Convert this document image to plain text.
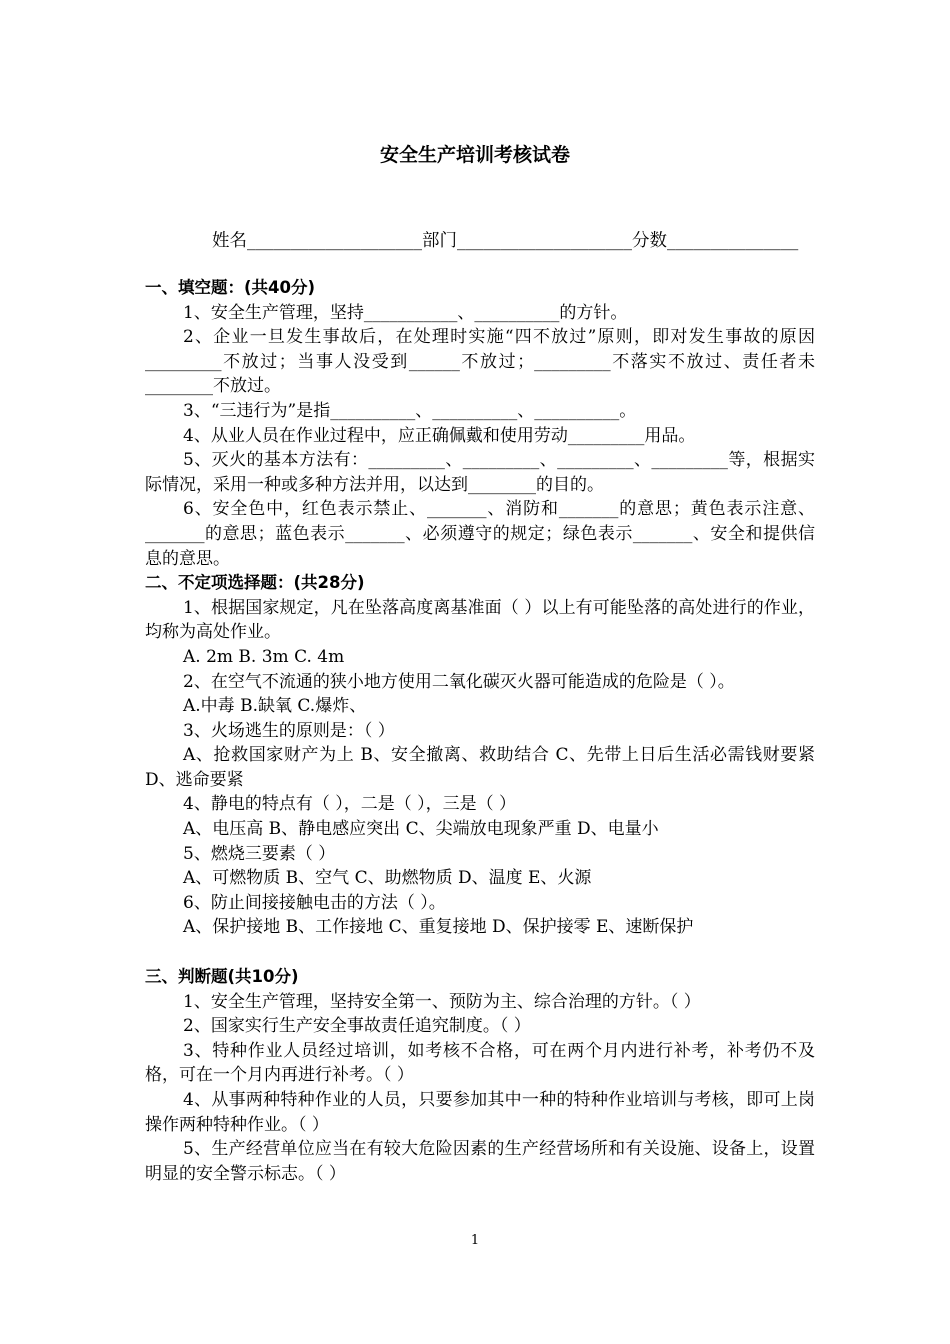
安全生产培训考核试卷
姓名____________________部门____________________分数_______________

一、填空题：(共40分)

1、安全生产管理，坚持___________、__________的方针。

2、企业一旦发生事故后，在处理时实施“四不放过”原则，即对发生事故的原因_________不放过；当事人没受到______不放过；_________不落实不放过、责任者未________不放过。

3、“三违行为”是指__________、__________、__________。

4、从业人员在作业过程中，应正确佩戴和使用劳动_________用品。

5、灭火的基本方法有：_________、_________、_________、_________等，根据实际情况，采用一种或多种方法并用，以达到________的目的。

6、安全色中，红色表示禁止、_______、消防和_______的意思；黄色表示注意、_______的意思；蓝色表示_______、必须遵守的规定；绿色表示_______、安全和提供信息的意思。

二、不定项选择题：(共28分)

1、根据国家规定，凡在坠落高度离基准面（ ）以上有可能坠落的高处进行的作业，均称为高处作业。

A. 2m B. 3m C. 4m

2、在空气不流通的狭小地方使用二氧化碳灭火器可能造成的危险是（ ）。

A.中毒 B.缺氧 C.爆炸、

3、火场逃生的原则是：（ ）

A、抢救国家财产为上 B、安全撤离、救助结合 C、先带上日后生活必需钱财要紧 D、逃命要紧

4、静电的特点有（ ），二是（ ），三是（ ）

A、电压高 B、静电感应突出 C、尖端放电现象严重 D、电量小

5、燃烧三要素（ ）

A、可燃物质 B、空气 C、助燃物质 D、温度 E、火源

6、防止间接接触电击的方法（ ）。

A、保护接地 B、工作接地 C、重复接地 D、保护接零 E、速断保护

三、判断题(共10分)

1、安全生产管理，坚持安全第一、预防为主、综合治理的方针。（ ）

2、国家实行生产安全事故责任追究制度。（ ）

3、特种作业人员经过培训，如考核不合格，可在两个月内进行补考，补考仍不及格，可在一个月内再进行补考。（ ）

4、从事两种特种作业的人员，只要参加其中一种的特种作业培训与考核，即可上岗操作两种特种作业。（ ）

5、生产经营单位应当在有较大危险因素的生产经营场所和有关设施、设备上，设置明显的安全警示标志。（ ）

1
